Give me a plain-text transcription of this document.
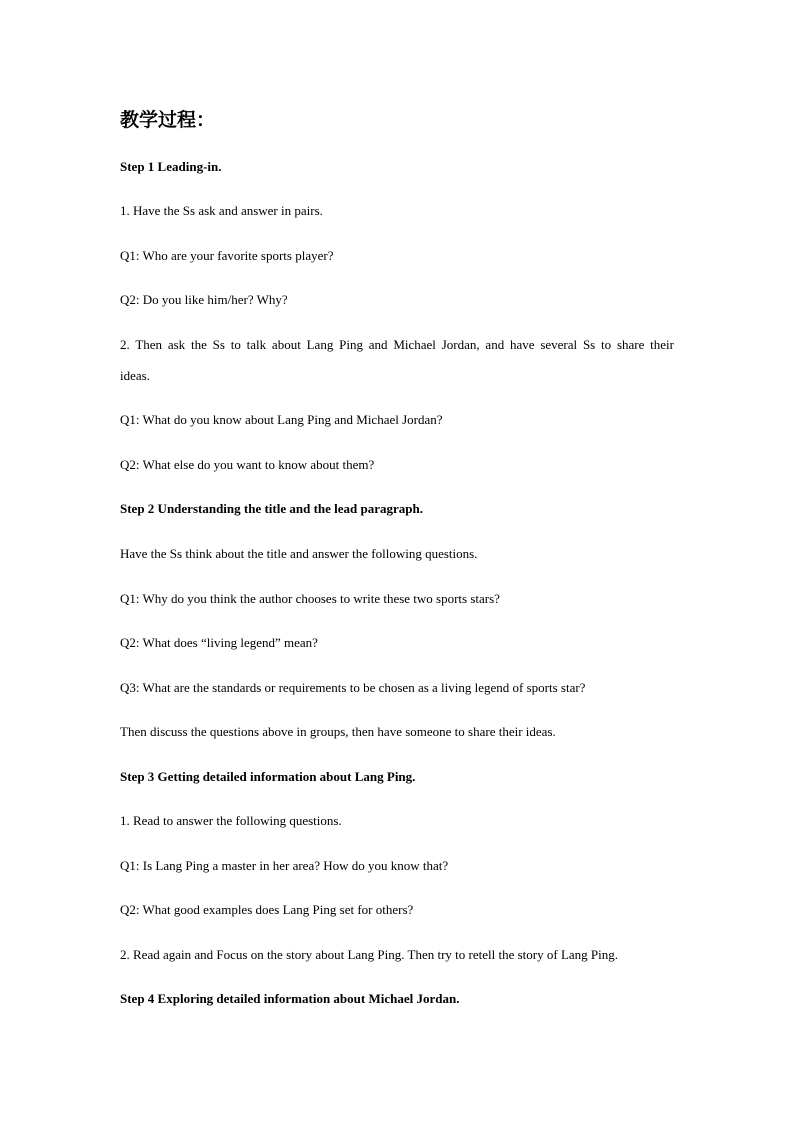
教学过程：
Step 1 Leading-in.
1. Have the Ss ask and answer in pairs.
Q1: Who are your favorite sports player?
Q2: Do you like him/her? Why?
2. Then ask the Ss to talk about Lang Ping and Michael Jordan, and have several Ss to share their
ideas.
Q1: What do you know about Lang Ping and Michael Jordan?
Q2: What else do you want to know about them?
Step 2 Understanding the title and the lead paragraph.
Have the Ss think about the title and answer the following questions.
Q1: Why do you think the author chooses to write these two sports stars?
Q2: What does “living legend” mean?
Q3: What are the standards or requirements to be chosen as a living legend of sports star?
Then discuss the questions above in groups, then have someone to share their ideas.
Step 3 Getting detailed information about Lang Ping.
1. Read to answer the following questions.
Q1: Is Lang Ping a master in her area? How do you know that?
Q2: What good examples does Lang Ping set for others?
2. Read again and Focus on the story about Lang Ping. Then try to retell the story of Lang Ping.
Step 4 Exploring detailed information about Michael Jordan.
